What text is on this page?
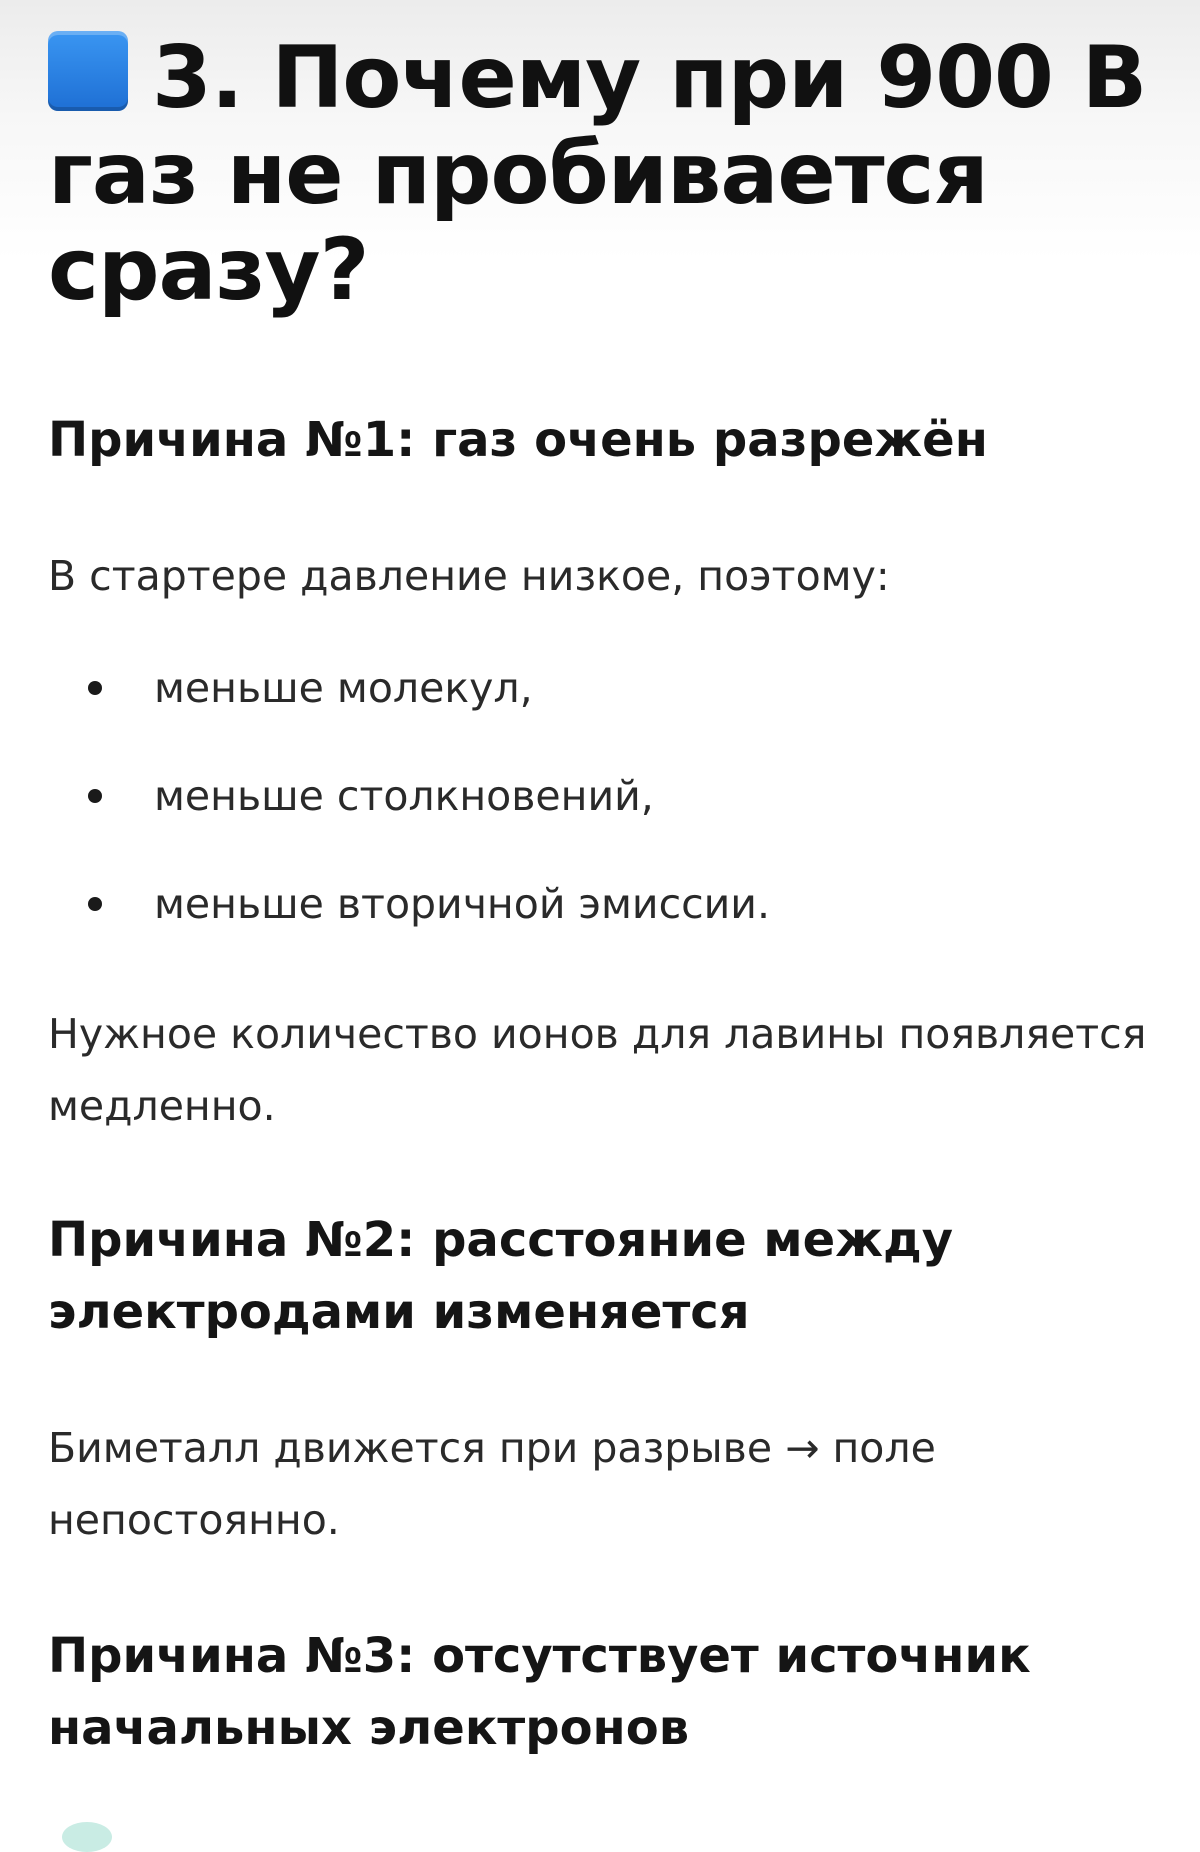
3. Почему при 900 В газ не пробивается сразу?
Причина №1: газ очень разрежён

В стартере давление низкое, поэтому:

меньше молекул,
меньше столкновений,
меньше вторичной эмиссии.

Нужное количество ионов для лавины появляется медленно.

Причина №2: расстояние между электродами изменяется

Биметалл движется при разрыве → поле непостоянно.

Причина №3: отсутствует источник начальных электронов
